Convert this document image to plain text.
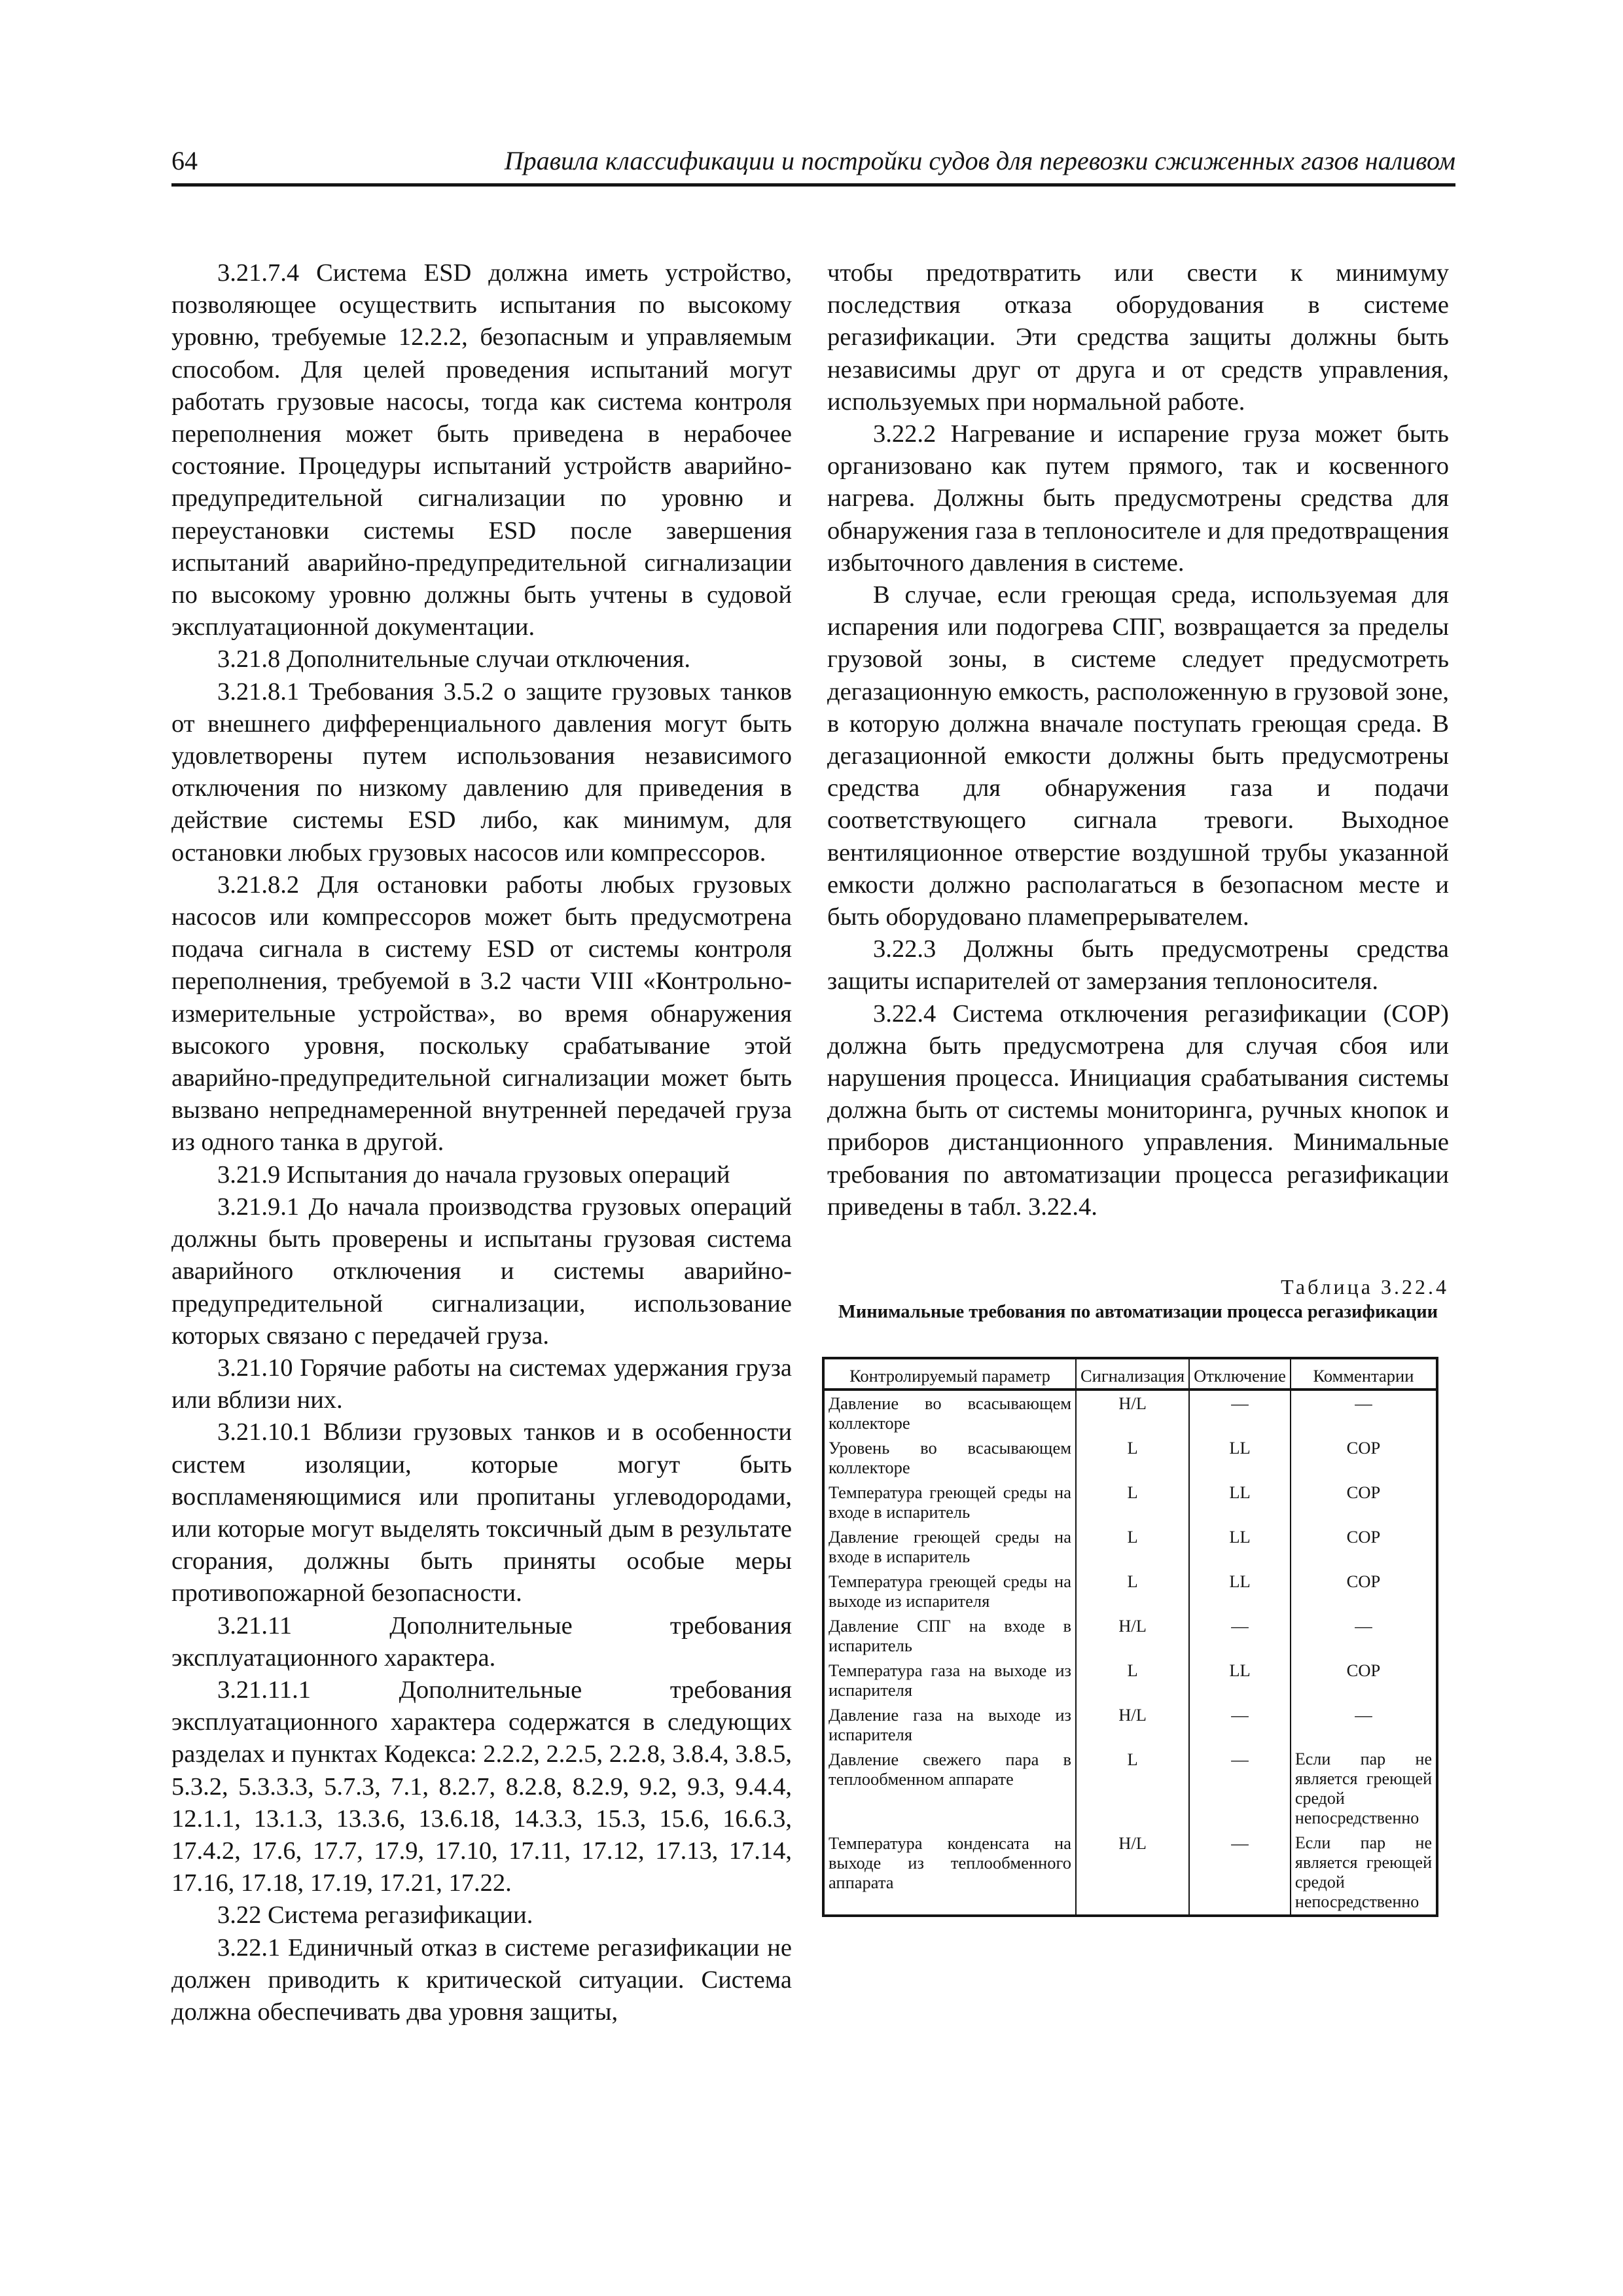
64	Правила классификации и постройки судов для перевозки сжиженных газов наливом

3.21.7.4 Система ESD должна иметь устройство, позволяющее осуществить испытания по высокому уровню, требуемые 12.2.2, безопасным и управляемым способом. Для целей проведения испытаний могут работать грузовые насосы, тогда как система контроля переполнения может быть приведена в нерабочее состояние. Процедуры испытаний устройств аварийно-предупредительной сигнализации по уровню и переустановки системы ESD после завершения испытаний аварийно-предупредительной сигнализации по высокому уровню должны быть учтены в судовой эксплуатационной документации.

3.21.8 Дополнительные случаи отключения.

3.21.8.1 Требования 3.5.2 о защите грузовых танков от внешнего дифференциального давления могут быть удовлетворены путем использования независимого отключения по низкому давлению для приведения в действие системы ESD либо, как минимум, для остановки любых грузовых насосов или компрессоров.

3.21.8.2 Для остановки работы любых грузовых насосов или компрессоров может быть предусмотрена подача сигнала в систему ESD от системы контроля переполнения, требуемой в 3.2 части VIII «Контрольно-измерительные устройства», во время обнаружения высокого уровня, поскольку срабатывание этой аварийно-предупредительной сигнализации может быть вызвано непреднамеренной внутренней передачей груза из одного танка в другой.

3.21.9 Испытания до начала грузовых операций

3.21.9.1 До начала производства грузовых операций должны быть проверены и испытаны грузовая система аварийного отключения и системы аварийно-предупредительной сигнализации, использование которых связано с передачей груза.

3.21.10 Горячие работы на системах удержания груза или вблизи них.

3.21.10.1 Вблизи грузовых танков и в особенности систем изоляции, которые могут быть воспламеняющимися или пропитаны углеводородами, или которые могут выделять токсичный дым в результате сгорания, должны быть приняты особые меры противопожарной безопасности.

3.21.11 Дополнительные требования эксплуатационного характера.

3.21.11.1 Дополнительные требования эксплуатационного характера содержатся в следующих разделах и пунктах Кодекса: 2.2.2, 2.2.5, 2.2.8, 3.8.4, 3.8.5, 5.3.2, 5.3.3.3, 5.7.3, 7.1, 8.2.7, 8.2.8, 8.2.9, 9.2, 9.3, 9.4.4, 12.1.1, 13.1.3, 13.3.6, 13.6.18, 14.3.3, 15.3, 15.6, 16.6.3, 17.4.2, 17.6, 17.7, 17.9, 17.10, 17.11, 17.12, 17.13, 17.14, 17.16, 17.18, 17.19, 17.21, 17.22.

3.22 Система регазификации.

3.22.1 Единичный отказ в системе регазификации не должен приводить к критической ситуации. Система должна обеспечивать два уровня защиты,

чтобы предотвратить или свести к минимуму последствия отказа оборудования в системе регазификации. Эти средства защиты должны быть независимы друг от друга и от средств управления, используемых при нормальной работе.

3.22.2 Нагревание и испарение груза может быть организовано как путем прямого, так и косвенного нагрева. Должны быть предусмотрены средства для обнаружения газа в теплоносителе и для предотвращения избыточного давления в системе.

В случае, если греющая среда, используемая для испарения или подогрева СПГ, возвращается за пределы грузовой зоны, в системе следует предусмотреть дегазационную емкость, расположенную в грузовой зоне, в которую должна вначале поступать греющая среда. В дегазационной емкости должны быть предусмотрены средства для обнаружения газа и подачи соответствующего сигнала тревоги. Выходное вентиляционное отверстие воздушной трубы указанной емкости должно располагаться в безопасном месте и быть оборудовано пламепрерывателем.

3.22.3 Должны быть предусмотрены средства защиты испарителей от замерзания теплоносителя.

3.22.4 Система отключения регазификации (СОР) должна быть предусмотрена для случая сбоя или нарушения процесса. Инициация срабатывания системы должна быть от системы мониторинга, ручных кнопок и приборов дистанционного управления. Минимальные требования по автоматизации процесса регазификации приведены в табл. 3.22.4.

Таблица 3.22.4
Минимальные требования по автоматизации процесса регазификации
Контролируемый параметр	Сигнализация	Отключение	Комментарии
Давление во всасывающем коллекторе	H/L	—	—
Уровень во всасывающем коллекторе	L	LL	СОР
Температура греющей среды на входе в испаритель	L	LL	СОР
Давление греющей среды на входе в испаритель	L	LL	СОР
Температура греющей среды на выходе из испарителя	L	LL	СОР
Давление СПГ на входе в испаритель	H/L	—	—
Температура газа на выходе из испарителя	L	LL	СОР
Давление газа на выходе из испарителя	H/L	—	—
Давление свежего пара в теплообменном аппарате	L	—	Если пар не является греющей средой непосредственно
Температура конденсата на выходе из теплообменного аппарата	H/L	—	Если пар не является греющей средой непосредственно
